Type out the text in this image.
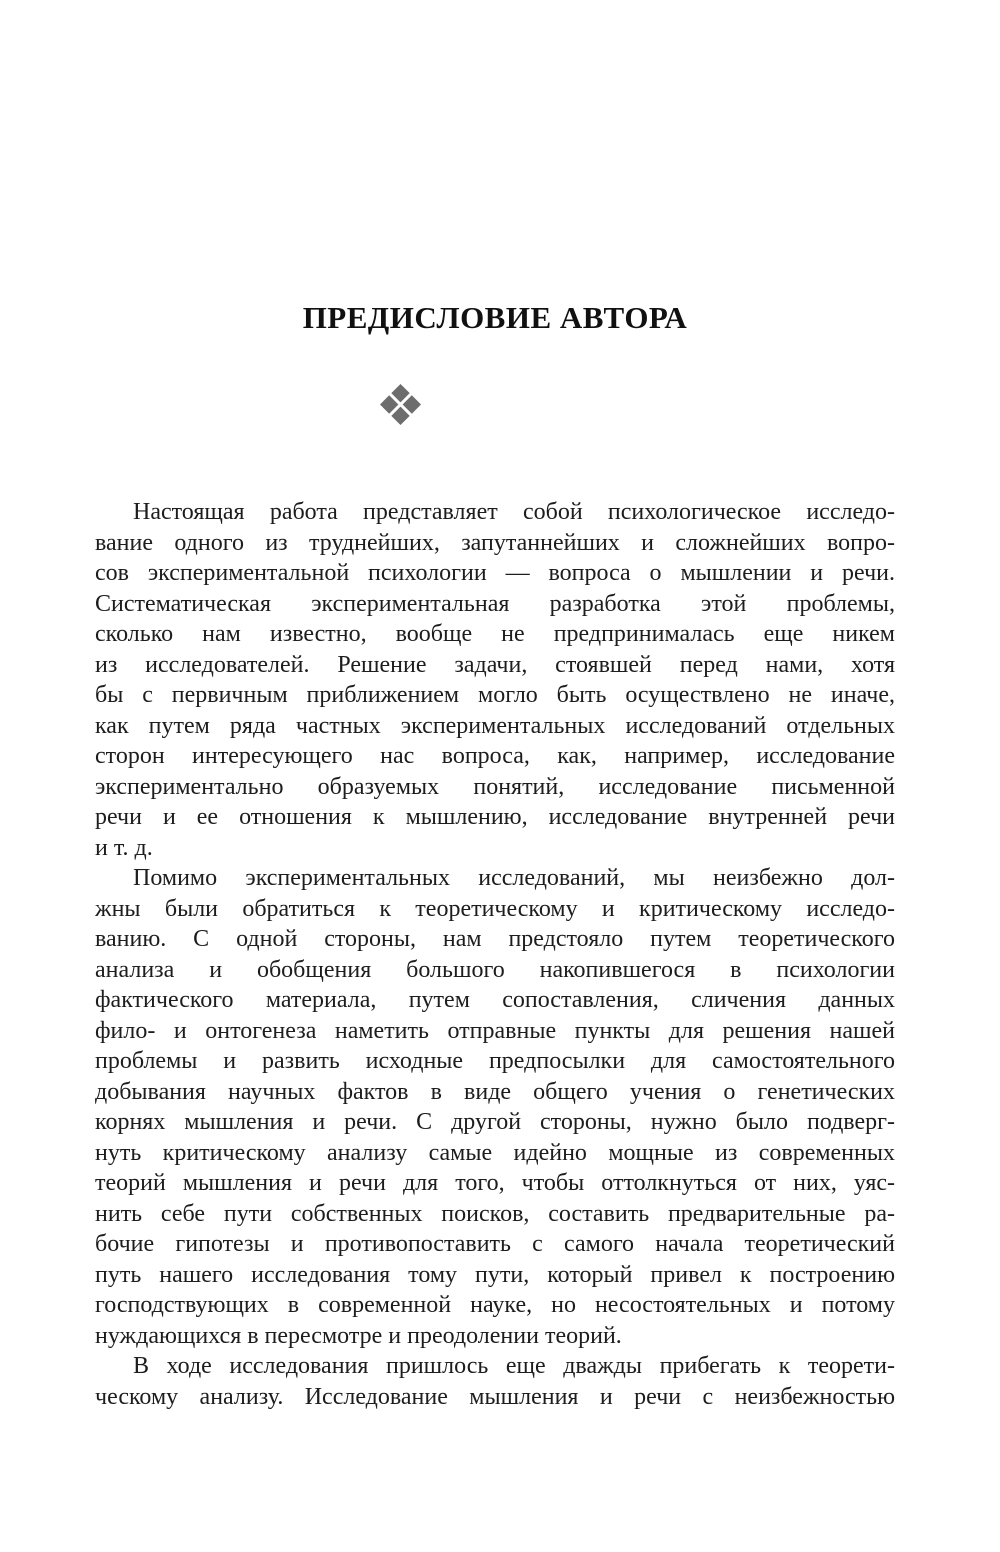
ПРЕДИСЛОВИЕ АВТОРА
Настоящая работа представляет собой психологическое исследо-
вание одного из труднейших, запутаннейших и сложнейших вопро-
сов экспериментальной психологии — вопроса о мышлении и речи.
Систематическая экспериментальная разработка этой проблемы,
сколько нам известно, вообще не предпринималась еще никем
из исследователей. Решение задачи, стоявшей перед нами, хотя
бы с первичным приближением могло быть осуществлено не иначе,
как путем ряда частных экспериментальных исследований отдельных
сторон интересующего нас вопроса, как, например, исследование
экспериментально образуемых понятий, исследование письменной
речи и ее отношения к мышлению, исследование внутренней речи
и т. д.
Помимо экспериментальных исследований, мы неизбежно дол-
жны были обратиться к теоретическому и критическому исследо-
ванию. С одной стороны, нам предстояло путем теоретического
анализа и обобщения большого накопившегося в психологии
фактического материала, путем сопоставления, сличения данных
фило- и онтогенеза наметить отправные пункты для решения нашей
проблемы и развить исходные предпосылки для самостоятельного
добывания научных фактов в виде общего учения о генетических
корнях мышления и речи. С другой стороны, нужно было подверг-
нуть критическому анализу самые идейно мощные из современных
теорий мышления и речи для того, чтобы оттолкнуться от них, уяс-
нить себе пути собственных поисков, составить предварительные ра-
бочие гипотезы и противопоставить с самого начала теоретический
путь нашего исследования тому пути, который привел к построению
господствующих в современной науке, но несостоятельных и потому
нуждающихся в пересмотре и преодолении теорий.
В ходе исследования пришлось еще дважды прибегать к теорети-
ческому анализу. Исследование мышления и речи с неизбежностью
